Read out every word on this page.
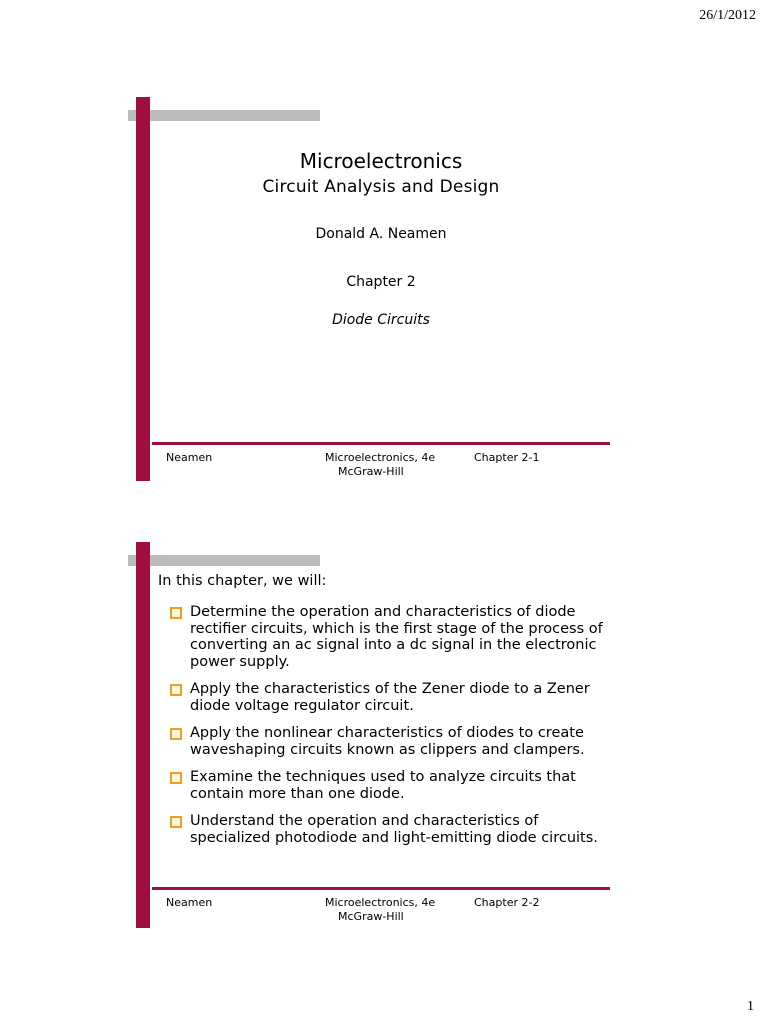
26/1/2012
Microelectronics
Circuit Analysis and Design
Donald A. Neamen
Chapter 2
Diode Circuits
Neamen	Microelectronics, 4e
McGraw-Hill
Chapter 2-1
In this chapter, we will:
Determine the operation and characteristics of diode rectifier circuits, which is the first stage of the process of converting an ac signal into a dc signal in the electronic power supply.
Apply the characteristics of the Zener diode to a Zener diode voltage regulator circuit.
Apply the nonlinear characteristics of diodes to create waveshaping circuits known as clippers and clampers.
Examine the techniques used to analyze circuits that contain more than one diode.
Understand the operation and characteristics of specialized photodiode and light-emitting diode circuits.
Neamen	Microelectronics, 4e
McGraw-Hill
Chapter 2-2
1
